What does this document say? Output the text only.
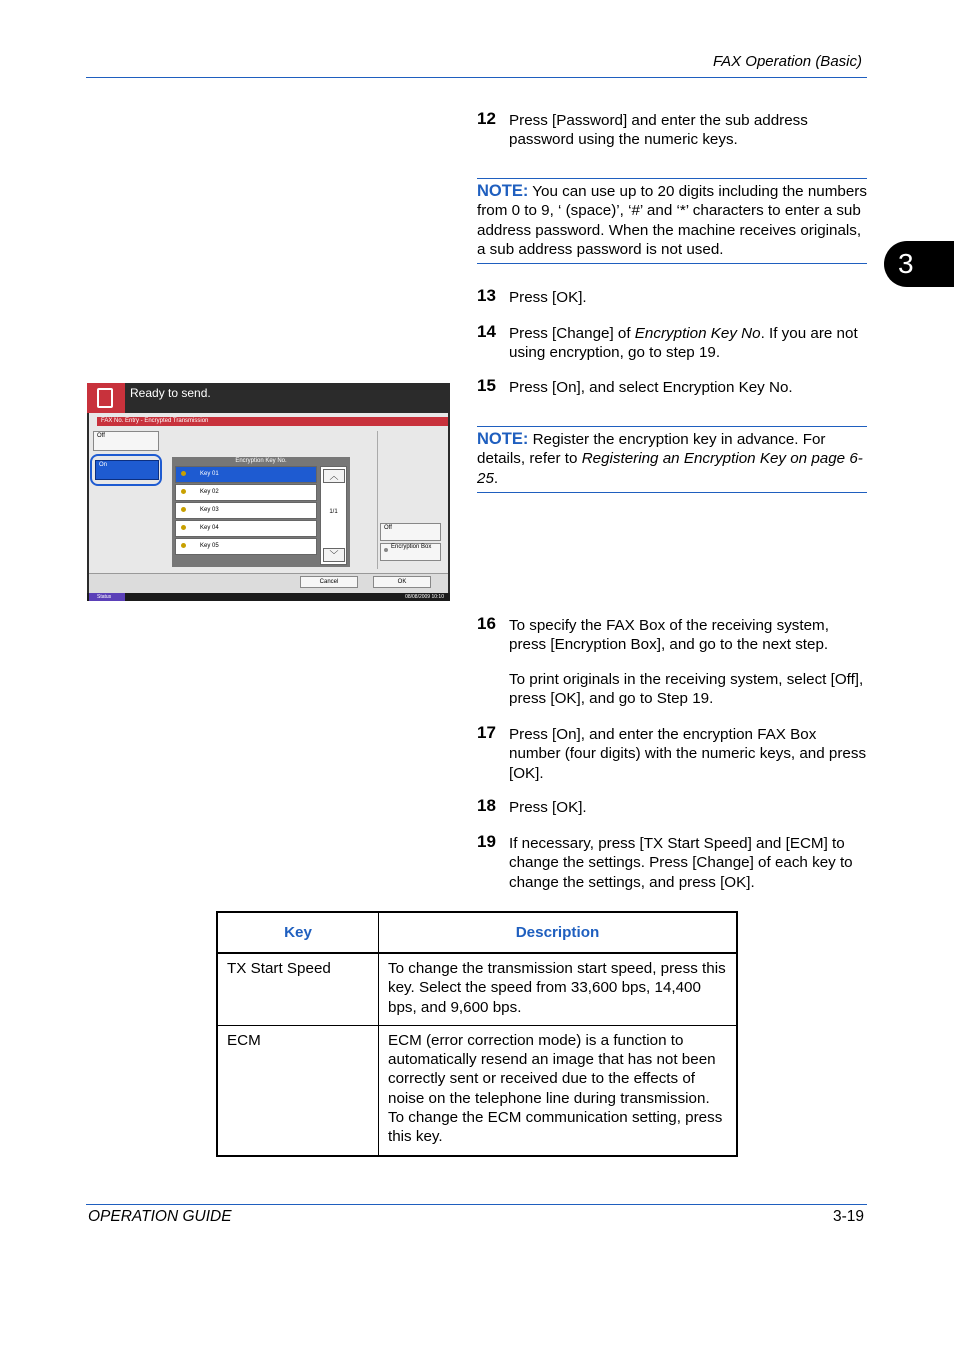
FAX Operation (Basic)
3
12 Press [Password] and enter the sub address password using the numeric keys.
NOTE: You can use up to 20 digits including the numbers from 0 to 9, ‘ (space)’, ‘#’ and ‘*’ characters to enter a sub address password. When the machine receives originals, a sub address password is not used.
13 Press [OK].
14 Press [Change] of Encryption Key No. If you are not using encryption, go to step 19.
15 Press [On], and select Encryption Key No.
NOTE: Register the encryption key in advance. For details, refer to Registering an Encryption Key on page 6-25.
Ready to send.
FAX No. Entry - Encrypted Transmission
Off
On
Encryption Key No.
Key 01
Key 02
Key 03
Key 04
Key 05
︿
1/1
﹀
Off
Encryption Box
Cancel	OK
Status	08/08/2009 10:10
16 To specify the FAX Box of the receiving system, press [Encryption Box], and go to the next step.
To print originals in the receiving system, select [Off], press [OK], and go to Step 19.
17 Press [On], and enter the encryption FAX Box number (four digits) with the numeric keys, and press [OK].
18 Press [OK].
19 If necessary, press [TX Start Speed] and [ECM] to change the settings. Press [Change] of each key to change the settings, and press [OK].
Key	Description
TX Start Speed	To change the transmission start speed, press this key. Select the speed from 33,600 bps, 14,400 bps, and 9,600 bps.
ECM	ECM (error correction mode) is a function to automatically resend an image that has not been correctly sent or received due to the effects of noise on the telephone line during transmission. To change the ECM communication setting, press this key.
OPERATION GUIDE	3-19
